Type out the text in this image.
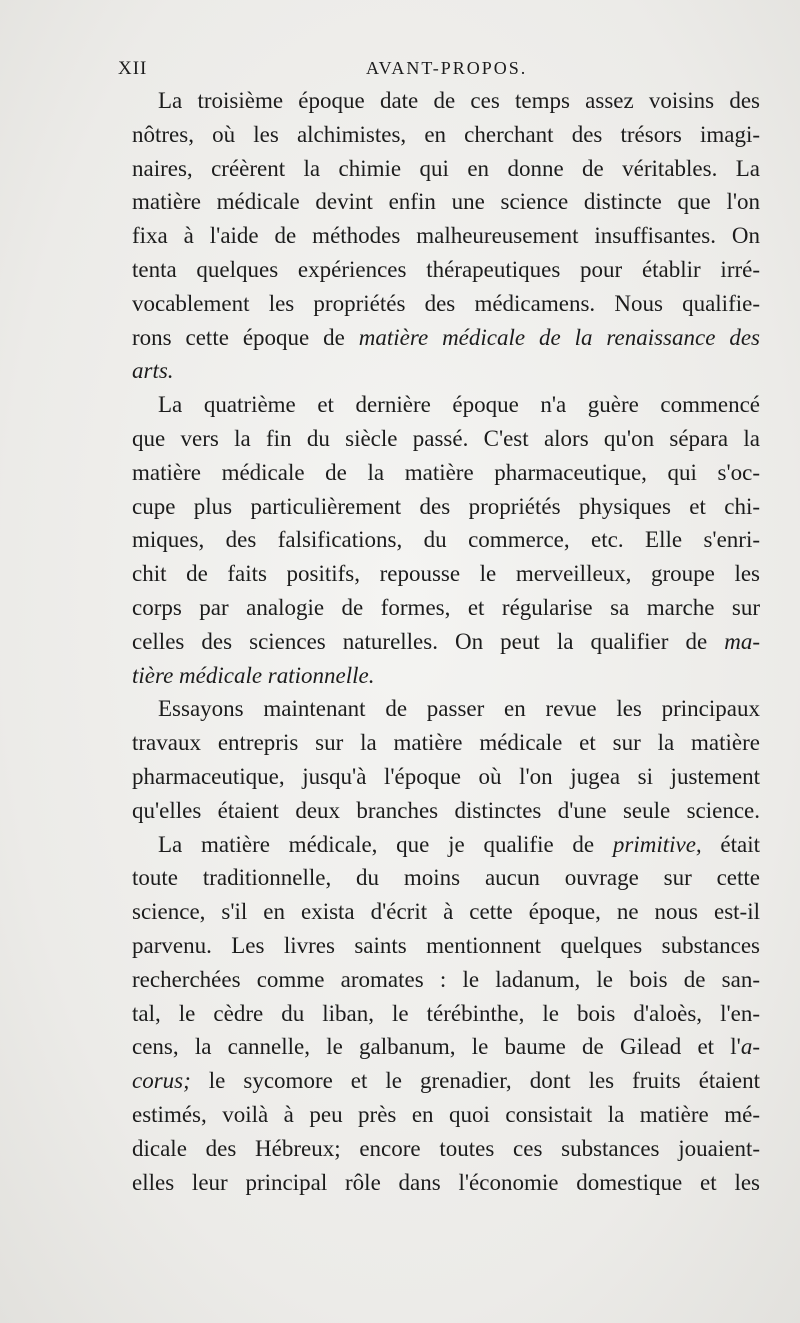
XII	AVANT-PROPOS.
La troisième époque date de ces temps assez voisins des
nôtres, où les alchimistes, en cherchant des trésors imagi-
naires, créèrent la chimie qui en donne de véritables. La
matière médicale devint enfin une science distincte que l'on
fixa à l'aide de méthodes malheureusement insuffisantes. On
tenta quelques expériences thérapeutiques pour établir irré-
vocablement les propriétés des médicamens. Nous qualifie-
rons cette époque de matière médicale de la renaissance des
arts.
La quatrième et dernière époque n'a guère commencé
que vers la fin du siècle passé. C'est alors qu'on sépara la
matière médicale de la matière pharmaceutique, qui s'oc-
cupe plus particulièrement des propriétés physiques et chi-
miques, des falsifications, du commerce, etc. Elle s'enri-
chit de faits positifs, repousse le merveilleux, groupe les
corps par analogie de formes, et régularise sa marche sur
celles des sciences naturelles. On peut la qualifier de ma-
tière médicale rationnelle.
Essayons maintenant de passer en revue les principaux
travaux entrepris sur la matière médicale et sur la matière
pharmaceutique, jusqu'à l'époque où l'on jugea si justement
qu'elles étaient deux branches distinctes d'une seule science.
La matière médicale, que je qualifie de primitive, était
toute traditionnelle, du moins aucun ouvrage sur cette
science, s'il en exista d'écrit à cette époque, ne nous est-il
parvenu. Les livres saints mentionnent quelques substances
recherchées comme aromates : le ladanum, le bois de san-
tal, le cèdre du liban, le térébinthe, le bois d'aloès, l'en-
cens, la cannelle, le galbanum, le baume de Gilead et l'a-
corus; le sycomore et le grenadier, dont les fruits étaient
estimés, voilà à peu près en quoi consistait la matière mé-
dicale des Hébreux; encore toutes ces substances jouaient-
elles leur principal rôle dans l'économie domestique et les
